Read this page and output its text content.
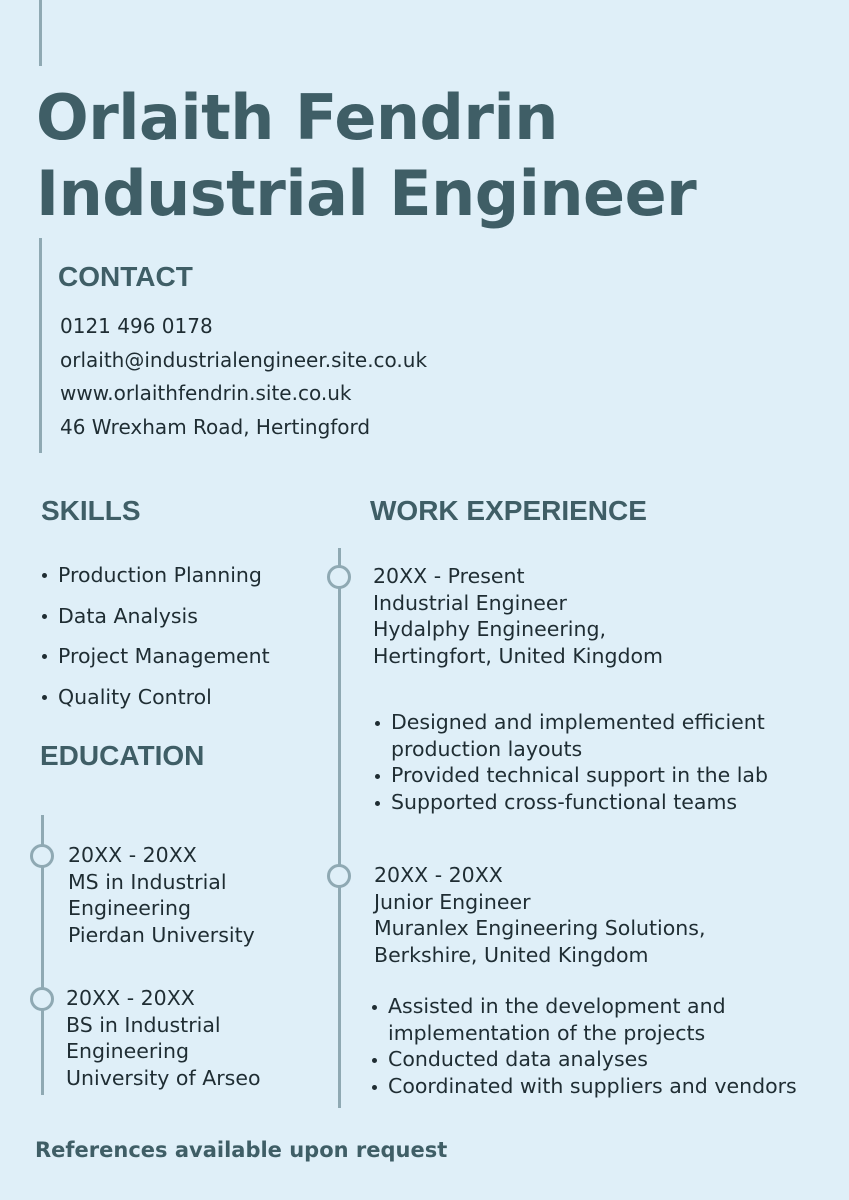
Orlaith Fendrin
Industrial Engineer
CONTACT
0121 496 0178
orlaith@industrialengineer.site.co.uk
www.orlaithfendrin.site.co.uk
46 Wrexham Road, Hertingford
SKILLS
Production Planning
Data Analysis
Project Management
Quality Control
EDUCATION
20XX - 20XX
MS in Industrial
Engineering
Pierdan University
20XX - 20XX
BS in Industrial
Engineering
University of Arseo
WORK EXPERIENCE
20XX - Present
Industrial Engineer
Hydalphy Engineering,
Hertingfort, United Kingdom
Designed and implemented efficient
production layouts
Provided technical support in the lab
Supported cross-functional teams
20XX - 20XX
Junior Engineer
Muranlex Engineering Solutions,
Berkshire, United Kingdom
Assisted in the development and
implementation of the projects
Conducted data analyses
Coordinated with suppliers and vendors

References available upon request
